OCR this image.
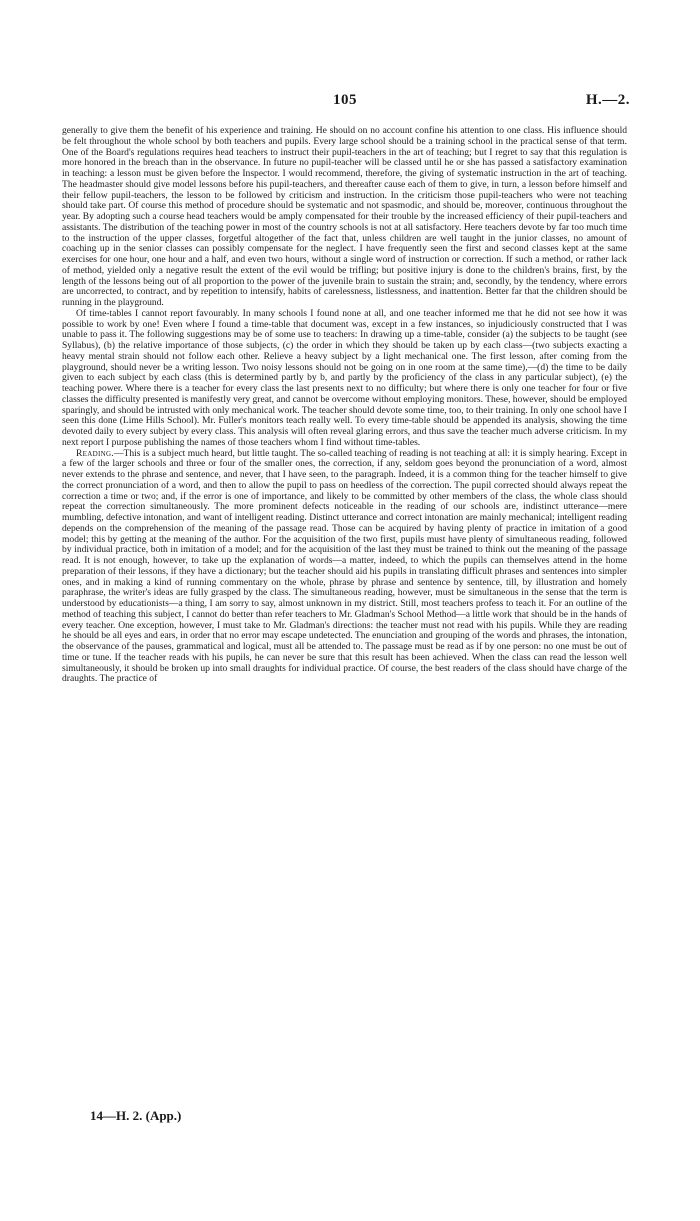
105	H.—2.

generally to give them the benefit of his experience and training. He should on no account confine his attention to one class. His influence should be felt throughout the whole school by both teachers and pupils. Every large school should be a training school in the practical sense of that term. One of the Board's regulations requires head teachers to instruct their pupil-teachers in the art of teaching; but I regret to say that this regulation is more honored in the breach than in the observance. In future no pupil-teacher will be classed until he or she has passed a satisfactory examination in teaching: a lesson must be given before the Inspector. I would recommend, therefore, the giving of systematic instruction in the art of teaching. The headmaster should give model lessons before his pupil-teachers, and thereafter cause each of them to give, in turn, a lesson before himself and their fellow pupil-teachers, the lesson to be followed by criticism and instruction. In the criticism those pupil-teachers who were not teaching should take part. Of course this method of procedure should be systematic and not spasmodic, and should be, moreover, continuous throughout the year. By adopting such a course head teachers would be amply compensated for their trouble by the increased efficiency of their pupil-teachers and assistants. The distribution of the teaching power in most of the country schools is not at all satisfactory. Here teachers devote by far too much time to the instruction of the upper classes, forgetful altogether of the fact that, unless children are well taught in the junior classes, no amount of coaching up in the senior classes can possibly compensate for the neglect. I have frequently seen the first and second classes kept at the same exercises for one hour, one hour and a half, and even two hours, without a single word of instruction or correction. If such a method, or rather lack of method, yielded only a negative result the extent of the evil would be trifling; but positive injury is done to the children's brains, first, by the length of the lessons being out of all proportion to the power of the juvenile brain to sustain the strain; and, secondly, by the tendency, where errors are uncorrected, to contract, and by repetition to intensify, habits of carelessness, listlessness, and inattention. Better far that the children should be running in the playground.

Of time-tables I cannot report favourably. In many schools I found none at all, and one teacher informed me that he did not see how it was possible to work by one! Even where I found a time-table that document was, except in a few instances, so injudiciously constructed that I was unable to pass it. The following suggestions may be of some use to teachers: In drawing up a time-table, consider (a) the subjects to be taught (see Syllabus), (b) the relative importance of those subjects, (c) the order in which they should be taken up by each class—(two subjects exacting a heavy mental strain should not follow each other. Relieve a heavy subject by a light mechanical one. The first lesson, after coming from the playground, should never be a writing lesson. Two noisy lessons should not be going on in one room at the same time),—(d) the time to be daily given to each subject by each class (this is determined partly by b, and partly by the proficiency of the class in any particular subject), (e) the teaching power. Where there is a teacher for every class the last presents next to no difficulty; but where there is only one teacher for four or five classes the difficulty presented is manifestly very great, and cannot be overcome without employing monitors. These, however, should be employed sparingly, and should be intrusted with only mechanical work. The teacher should devote some time, too, to their training. In only one school have I seen this done (Lime Hills School). Mr. Fuller's monitors teach really well. To every time-table should be appended its analysis, showing the time devoted daily to every subject by every class. This analysis will often reveal glaring errors, and thus save the teacher much adverse criticism. In my next report I purpose publishing the names of those teachers whom I find without time-tables.

Reading.—This is a subject much heard, but little taught. The so-called teaching of reading is not teaching at all: it is simply hearing. Except in a few of the larger schools and three or four of the smaller ones, the correction, if any, seldom goes beyond the pronunciation of a word, almost never extends to the phrase and sentence, and never, that I have seen, to the paragraph. Indeed, it is a common thing for the teacher himself to give the correct pronunciation of a word, and then to allow the pupil to pass on heedless of the correction. The pupil corrected should always repeat the correction a time or two; and, if the error is one of importance, and likely to be committed by other members of the class, the whole class should repeat the correction simultaneously. The more prominent defects noticeable in the reading of our schools are, indistinct utterance—mere mumbling, defective intonation, and want of intelligent reading. Distinct utterance and correct intonation are mainly mechanical; intelligent reading depends on the comprehension of the meaning of the passage read. Those can be acquired by having plenty of practice in imitation of a good model; this by getting at the meaning of the author. For the acquisition of the two first, pupils must have plenty of simultaneous reading, followed by individual practice, both in imitation of a model; and for the acquisition of the last they must be trained to think out the meaning of the passage read. It is not enough, however, to take up the explanation of words—a matter, indeed, to which the pupils can themselves attend in the home preparation of their lessons, if they have a dictionary; but the teacher should aid his pupils in translating difficult phrases and sentences into simpler ones, and in making a kind of running commentary on the whole, phrase by phrase and sentence by sentence, till, by illustration and homely paraphrase, the writer's ideas are fully grasped by the class. The simultaneous reading, however, must be simultaneous in the sense that the term is understood by educationists—a thing, I am sorry to say, almost unknown in my district. Still, most teachers profess to teach it. For an outline of the method of teaching this subject, I cannot do better than refer teachers to Mr. Gladman's School Method—a little work that should be in the hands of every teacher. One exception, however, I must take to Mr. Gladman's directions: the teacher must not read with his pupils. While they are reading he should be all eyes and ears, in order that no error may escape undetected. The enunciation and grouping of the words and phrases, the intonation, the observance of the pauses, grammatical and logical, must all be attended to. The passage must be read as if by one person: no one must be out of time or tune. If the teacher reads with his pupils, he can never be sure that this result has been achieved. When the class can read the lesson well simultaneously, it should be broken up into small draughts for individual practice. Of course, the best readers of the class should have charge of the draughts. The practice of

14—H. 2. (App.)
